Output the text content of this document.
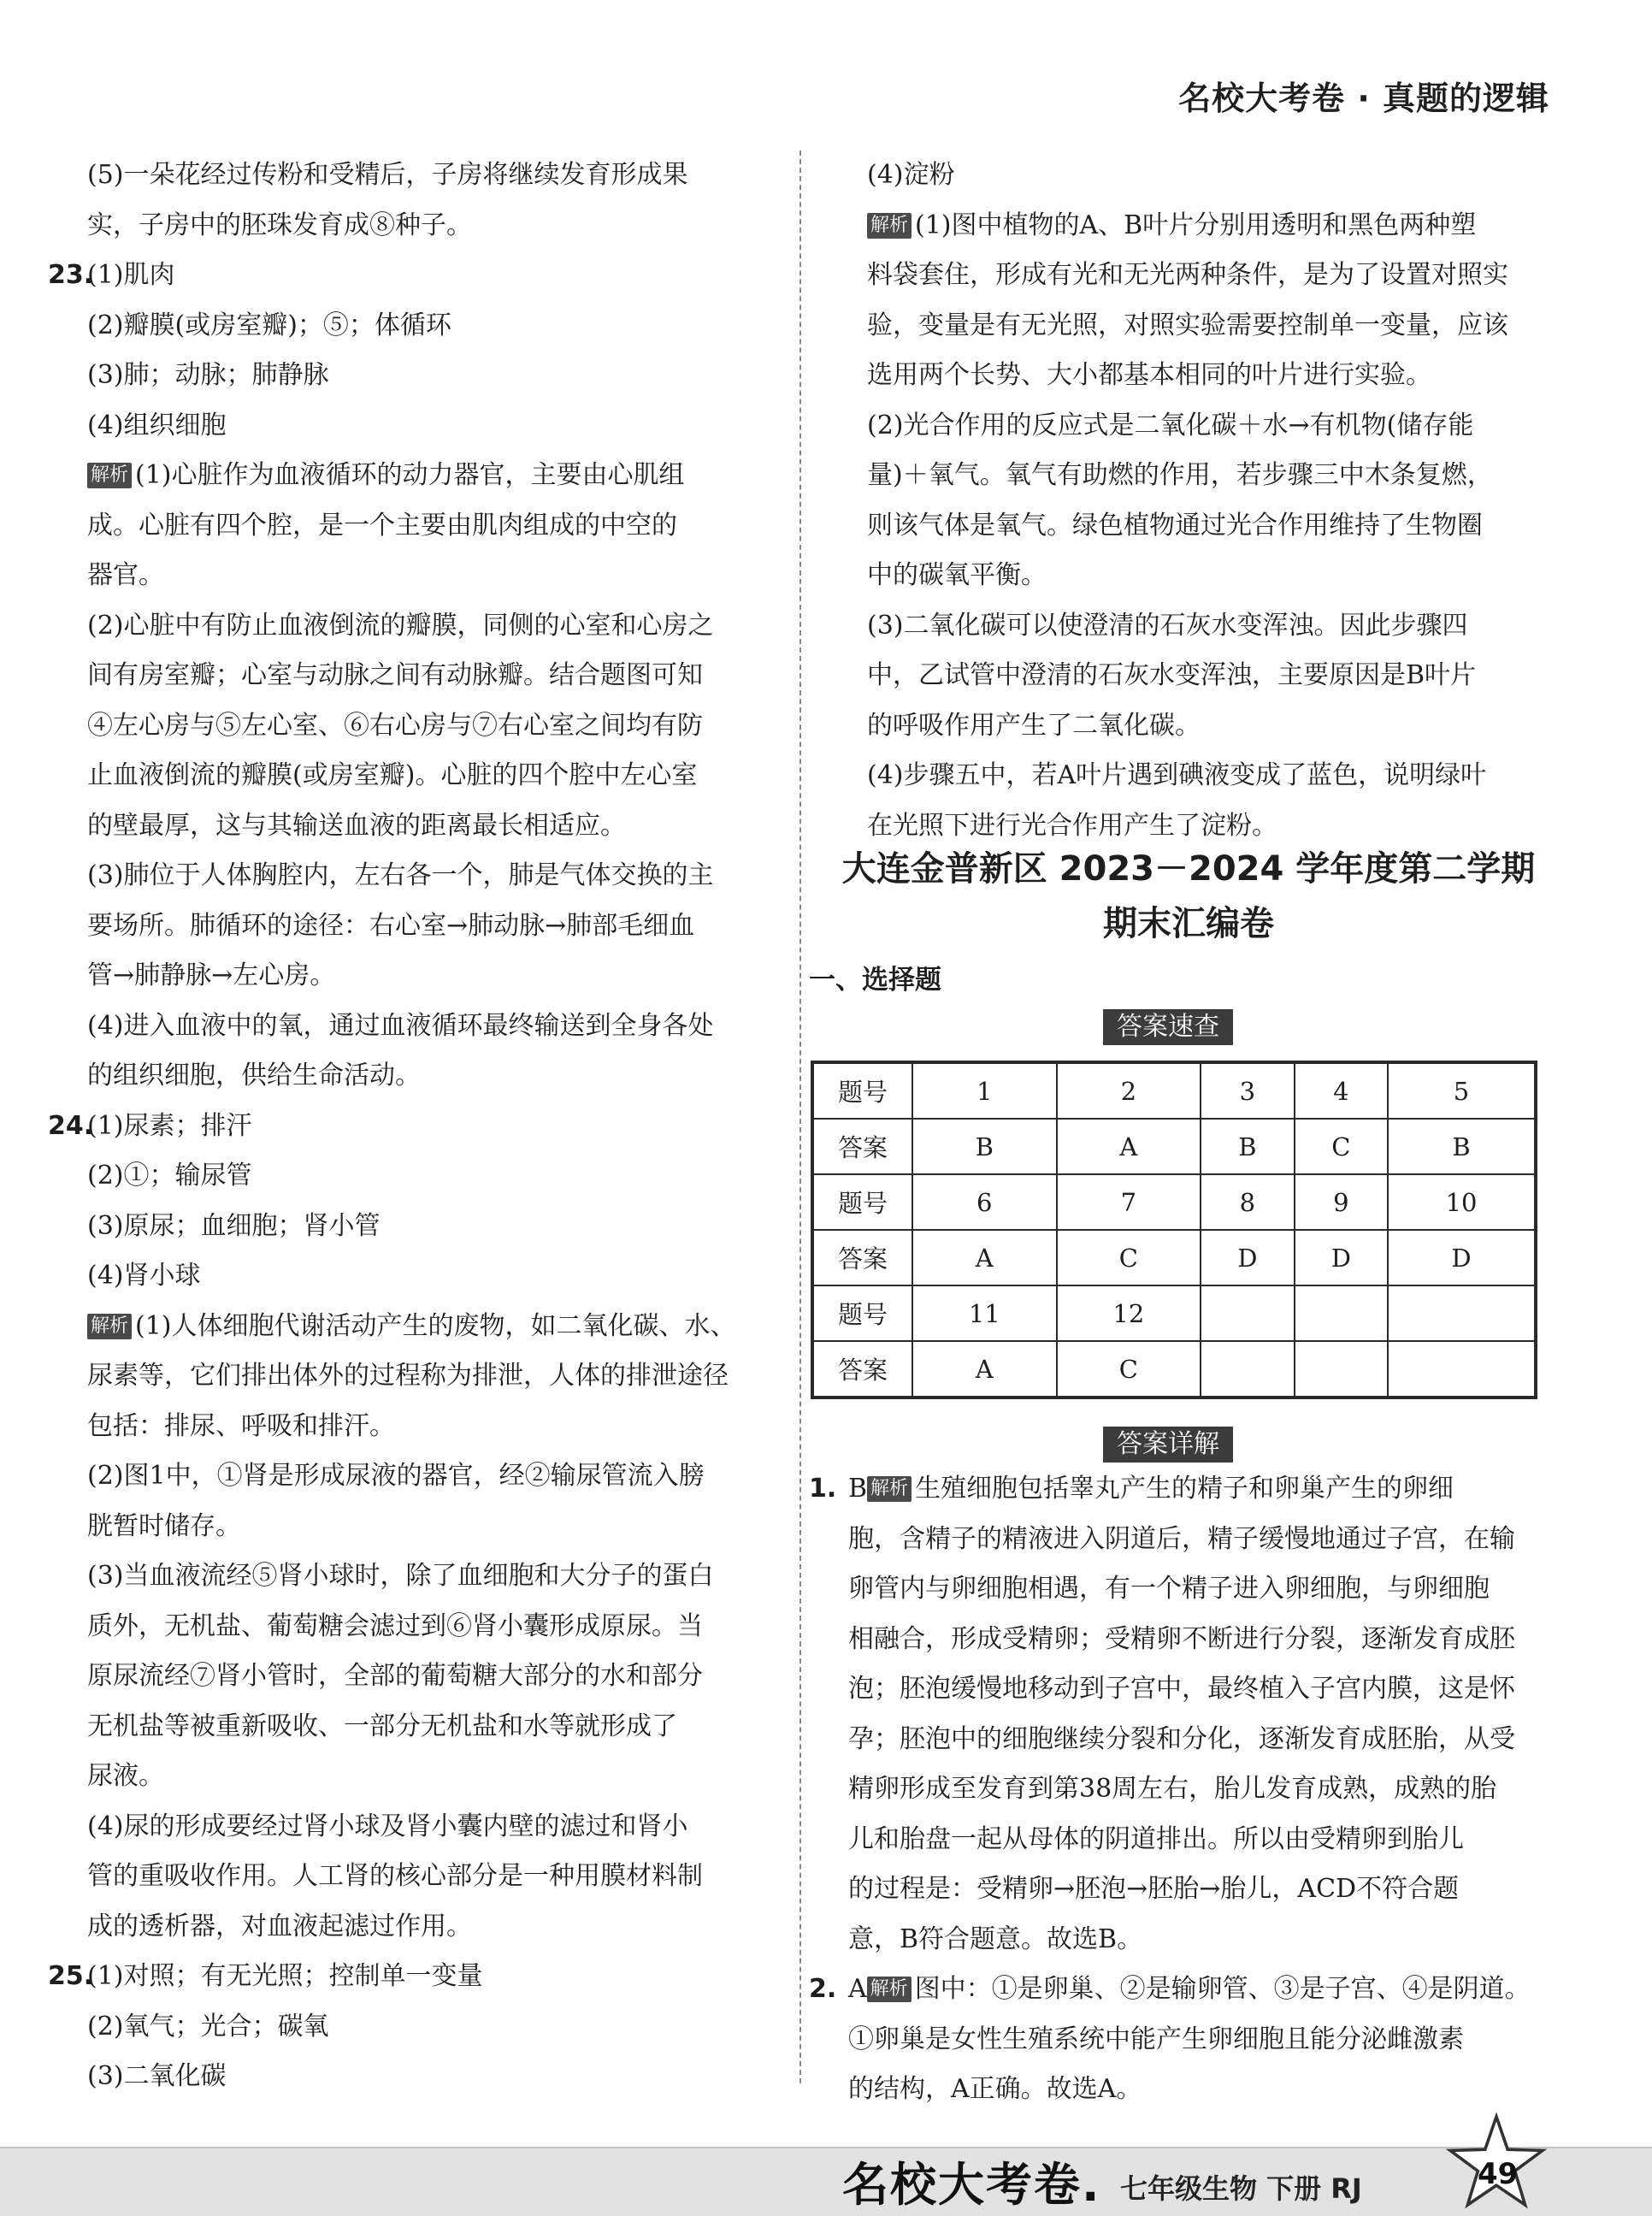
名校大考卷 · 真题的逻辑

(5)一朵花经过传粉和受精后，子房将继续发育形成果

实，子房中的胚珠发育成⑧种子。

23.(1)肌肉

(2)瓣膜(或房室瓣)；⑤；体循环

(3)肺；动脉；肺静脉

(4)组织细胞

解析 (1)心脏作为血液循环的动力器官，主要由心肌组

成。心脏有四个腔，是一个主要由肌肉组成的中空的

器官。

(2)心脏中有防止血液倒流的瓣膜，同侧的心室和心房之

间有房室瓣；心室与动脉之间有动脉瓣。结合题图可知

④左心房与⑤左心室、⑥右心房与⑦右心室之间均有防

止血液倒流的瓣膜(或房室瓣)。心脏的四个腔中左心室

的壁最厚，这与其输送血液的距离最长相适应。

(3)肺位于人体胸腔内，左右各一个，肺是气体交换的主

要场所。肺循环的途径：右心室→肺动脉→肺部毛细血

管→肺静脉→左心房。

(4)进入血液中的氧，通过血液循环最终输送到全身各处

的组织细胞，供给生命活动。

24.(1)尿素；排汗

(2)①；输尿管

(3)原尿；血细胞；肾小管

(4)肾小球

解析 (1)人体细胞代谢活动产生的废物，如二氧化碳、水、

尿素等，它们排出体外的过程称为排泄，人体的排泄途径

包括：排尿、呼吸和排汗。

(2)图1中，①肾是形成尿液的器官，经②输尿管流入膀

胱暂时储存。

(3)当血液流经⑤肾小球时，除了血细胞和大分子的蛋白

质外，无机盐、葡萄糖会滤过到⑥肾小囊形成原尿。当

原尿流经⑦肾小管时，全部的葡萄糖大部分的水和部分

无机盐等被重新吸收、一部分无机盐和水等就形成了

尿液。

(4)尿的形成要经过肾小球及肾小囊内壁的滤过和肾小

管的重吸收作用。人工肾的核心部分是一种用膜材料制

成的透析器，对血液起滤过作用。

25.(1)对照；有无光照；控制单一变量

(2)氧气；光合；碳氧

(3)二氧化碳

(4)淀粉

解析 (1)图中植物的A、B叶片分别用透明和黑色两种塑

料袋套住，形成有光和无光两种条件，是为了设置对照实

验，变量是有无光照，对照实验需要控制单一变量，应该

选用两个长势、大小都基本相同的叶片进行实验。

(2)光合作用的反应式是二氧化碳＋水→有机物(储存能

量)＋氧气。氧气有助燃的作用，若步骤三中木条复燃，

则该气体是氧气。绿色植物通过光合作用维持了生物圈

中的碳氧平衡。

(3)二氧化碳可以使澄清的石灰水变浑浊。因此步骤四

中，乙试管中澄清的石灰水变浑浊，主要原因是B叶片

的呼吸作用产生了二氧化碳。

(4)步骤五中，若A叶片遇到碘液变成了蓝色，说明绿叶

在光照下进行光合作用产生了淀粉。

大连金普新区 2023－2024 学年度第二学期
期末汇编卷
一、选择题
答案速查
题号	1	2	3	4	5
答案	B	A	B	C	B
题号	6	7	8	9	10
答案	A	C	D	D	D
题号	11	12			
答案	A	C			
答案详解

1. B 解析 生殖细胞包括睾丸产生的精子和卵巢产生的卵细

胞，含精子的精液进入阴道后，精子缓慢地通过子宫，在输

卵管内与卵细胞相遇，有一个精子进入卵细胞，与卵细胞

相融合，形成受精卵；受精卵不断进行分裂，逐渐发育成胚

泡；胚泡缓慢地移动到子宫中，最终植入子宫内膜，这是怀

孕；胚泡中的细胞继续分裂和分化，逐渐发育成胚胎，从受

精卵形成至发育到第38周左右，胎儿发育成熟，成熟的胎

儿和胎盘一起从母体的阴道排出。所以由受精卵到胎儿

的过程是：受精卵→胚泡→胚胎→胎儿，ACD不符合题

意，B符合题意。故选B。

2. A 解析 图中：①是卵巢、②是输卵管、③是子宫、④是阴道。

①卵巢是女性生殖系统中能产生卵细胞且能分泌雌激素

的结构，A正确。故选A。

名校大考卷. 七年级生物 下册 RJ	49
